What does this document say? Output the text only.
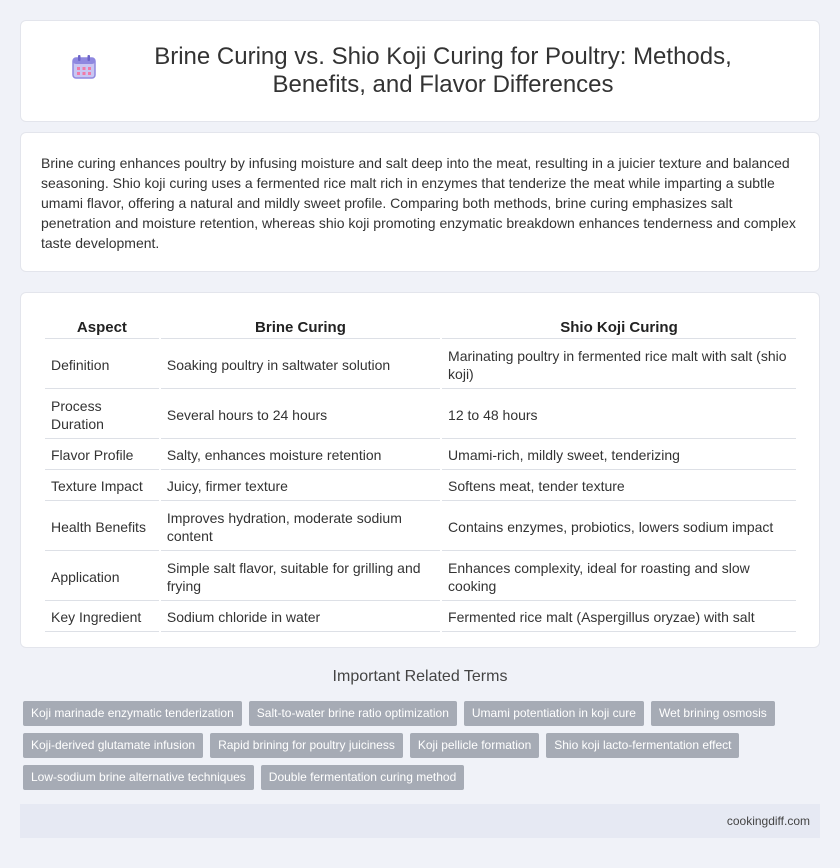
Brine Curing vs. Shio Koji Curing for Poultry: Methods, Benefits, and Flavor Differences

Brine curing enhances poultry by infusing moisture and salt deep into the meat, resulting in a juicier texture and balanced seasoning. Shio koji curing uses a fermented rice malt rich in enzymes that tenderize the meat while imparting a subtle umami flavor, offering a natural and mildly sweet profile. Comparing both methods, brine curing emphasizes salt penetration and moisture retention, whereas shio koji promoting enzymatic breakdown enhances tenderness and complex taste development.

Aspect	Brine Curing	Shio Koji Curing
Definition	Soaking poultry in saltwater solution	Marinating poultry in fermented rice malt with salt (shio koji)
Process Duration	Several hours to 24 hours	12 to 48 hours
Flavor Profile	Salty, enhances moisture retention	Umami-rich, mildly sweet, tenderizing
Texture Impact	Juicy, firmer texture	Softens meat, tender texture
Health Benefits	Improves hydration, moderate sodium content	Contains enzymes, probiotics, lowers sodium impact
Application	Simple salt flavor, suitable for grilling and frying	Enhances complexity, ideal for roasting and slow cooking
Key Ingredient	Sodium chloride in water	Fermented rice malt (Aspergillus oryzae) with salt
Important Related Terms
Koji marinade enzymatic tenderization	Salt-to-water brine ratio optimization	Umami potentiation in koji cure	Wet brining osmosis
Koji-derived glutamate infusion	Rapid brining for poultry juiciness	Koji pellicle formation	Shio koji lacto-fermentation effect
Low-sodium brine alternative techniques	Double fermentation curing method
cookingdiff.com
